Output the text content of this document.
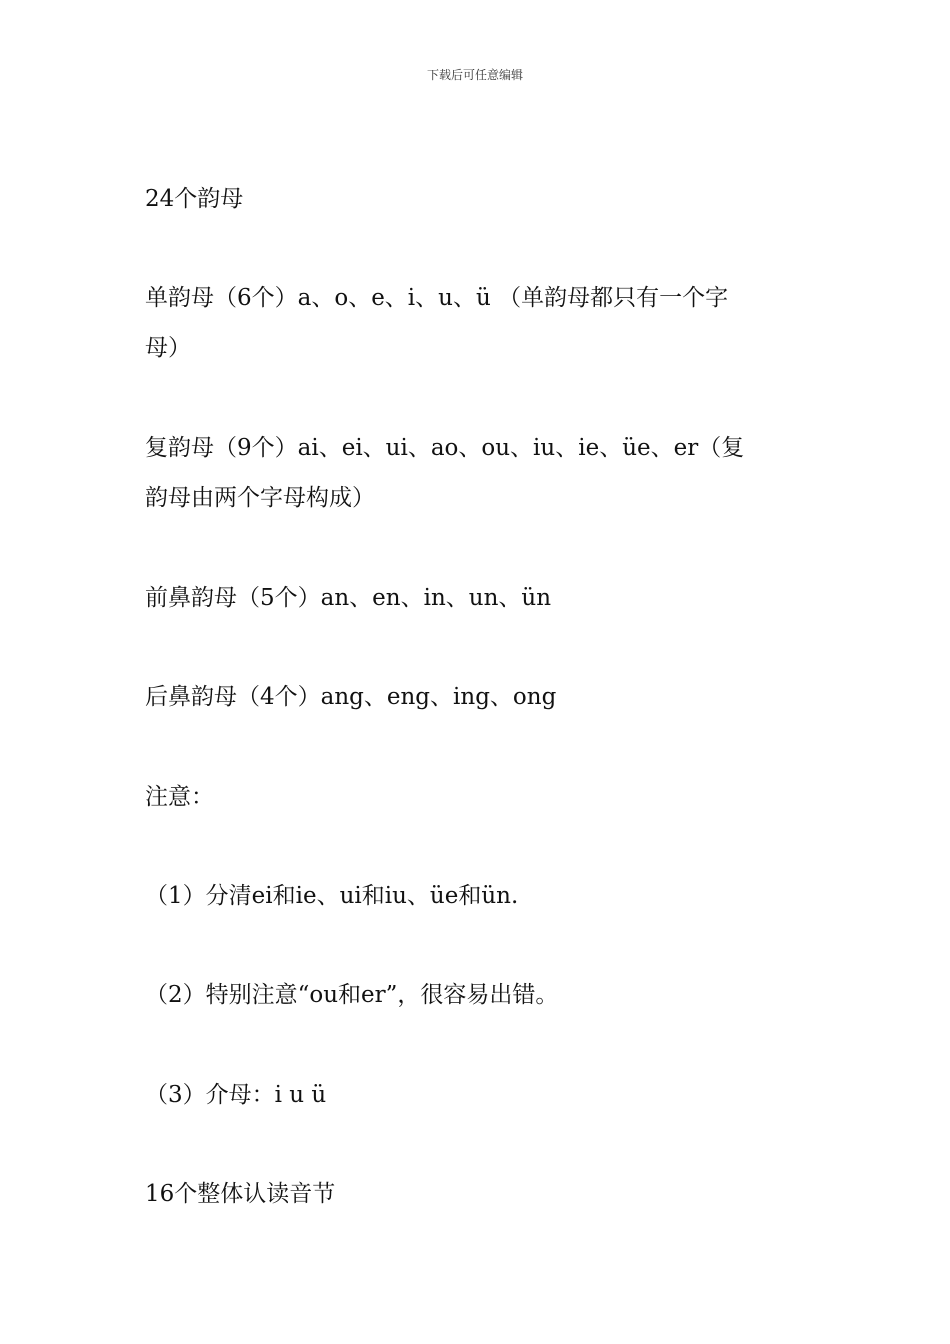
下载后可任意编辑
24个韵母
单韵母（6个）a、o、e、i、u、ü （单韵母都只有一个字
母）
复韵母（9个）ai、ei、ui、ao、ou、iu、ie、üe、er（复
韵母由两个字母构成）
前鼻韵母（5个）an、en、in、un、ün
后鼻韵母（4个）ang、eng、ing、ong
注意：
（1）分清ei和ie、ui和iu、üe和ün.
（2）特别注意“ou和er”，很容易出错。
（3）介母：i u ü
16个整体认读音节
